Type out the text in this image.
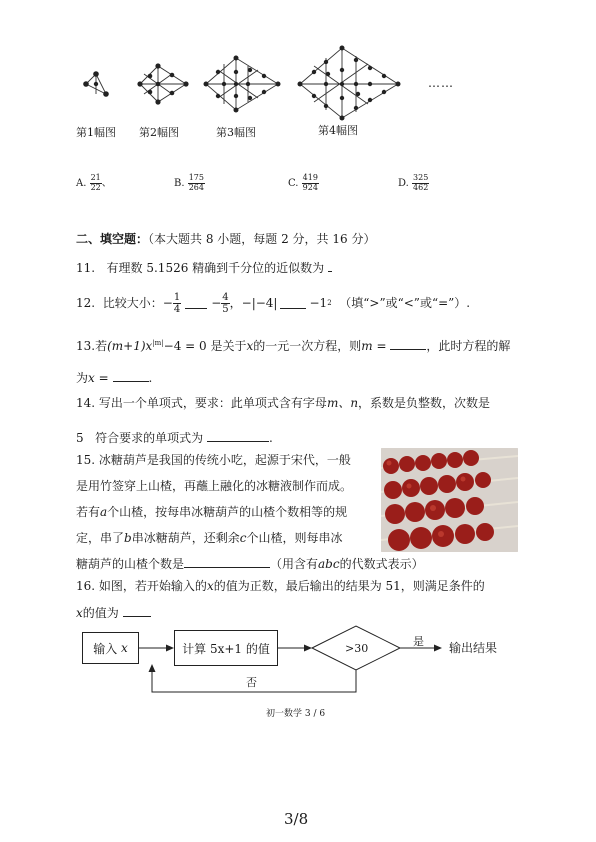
……
第1幅图 第2幅图	第3幅图	第4幅图
A. $\frac{21}{22}$ 、	B. $\frac{175}{264}$	C. $\frac{419}{924}$	D. $\frac{325}{462}$
二、填空题：（本大题共 8 小题，每题 2 分，共 16 分）
11. 有理数 5.1526 精确到千分位的近似数为
12.
比较大小： − $\frac{1}{4}$	− $\frac{4}{5}$ ， −|−4|	−1 2
（填“>”或“<”或“=”）.
13.若$(m+1)x^{|m|}-4 = 0$ 是关于x的一元一次方程，则m =	，此时方程的解
为x =	.
14. 写出一个单项式，要求：此单项式含有字母m、n，系数是负整数，次数是
5 符合要求的单项式为	.
15. 冰糖葫芦是我国的传统小吃，起源于宋代，一般
是用竹签穿上山楂，再蘸上融化的冰糖液制作而成。
若有a个山楂，按每串冰糖葫芦的山楂个数相等的规
定，串了b串冰糖葫芦，还剩余c个山楂，则每串冰
糖葫芦的山楂个数是	（用含有abc的代数式表示）
16. 如图，若开始输入的x的值为正数，最后输出的结果为 51，则满足条件的
x的值为
输入
x	计算 5x+1 的值	>30
是 输出结果
否
初一数学 3 / 6
3/8
